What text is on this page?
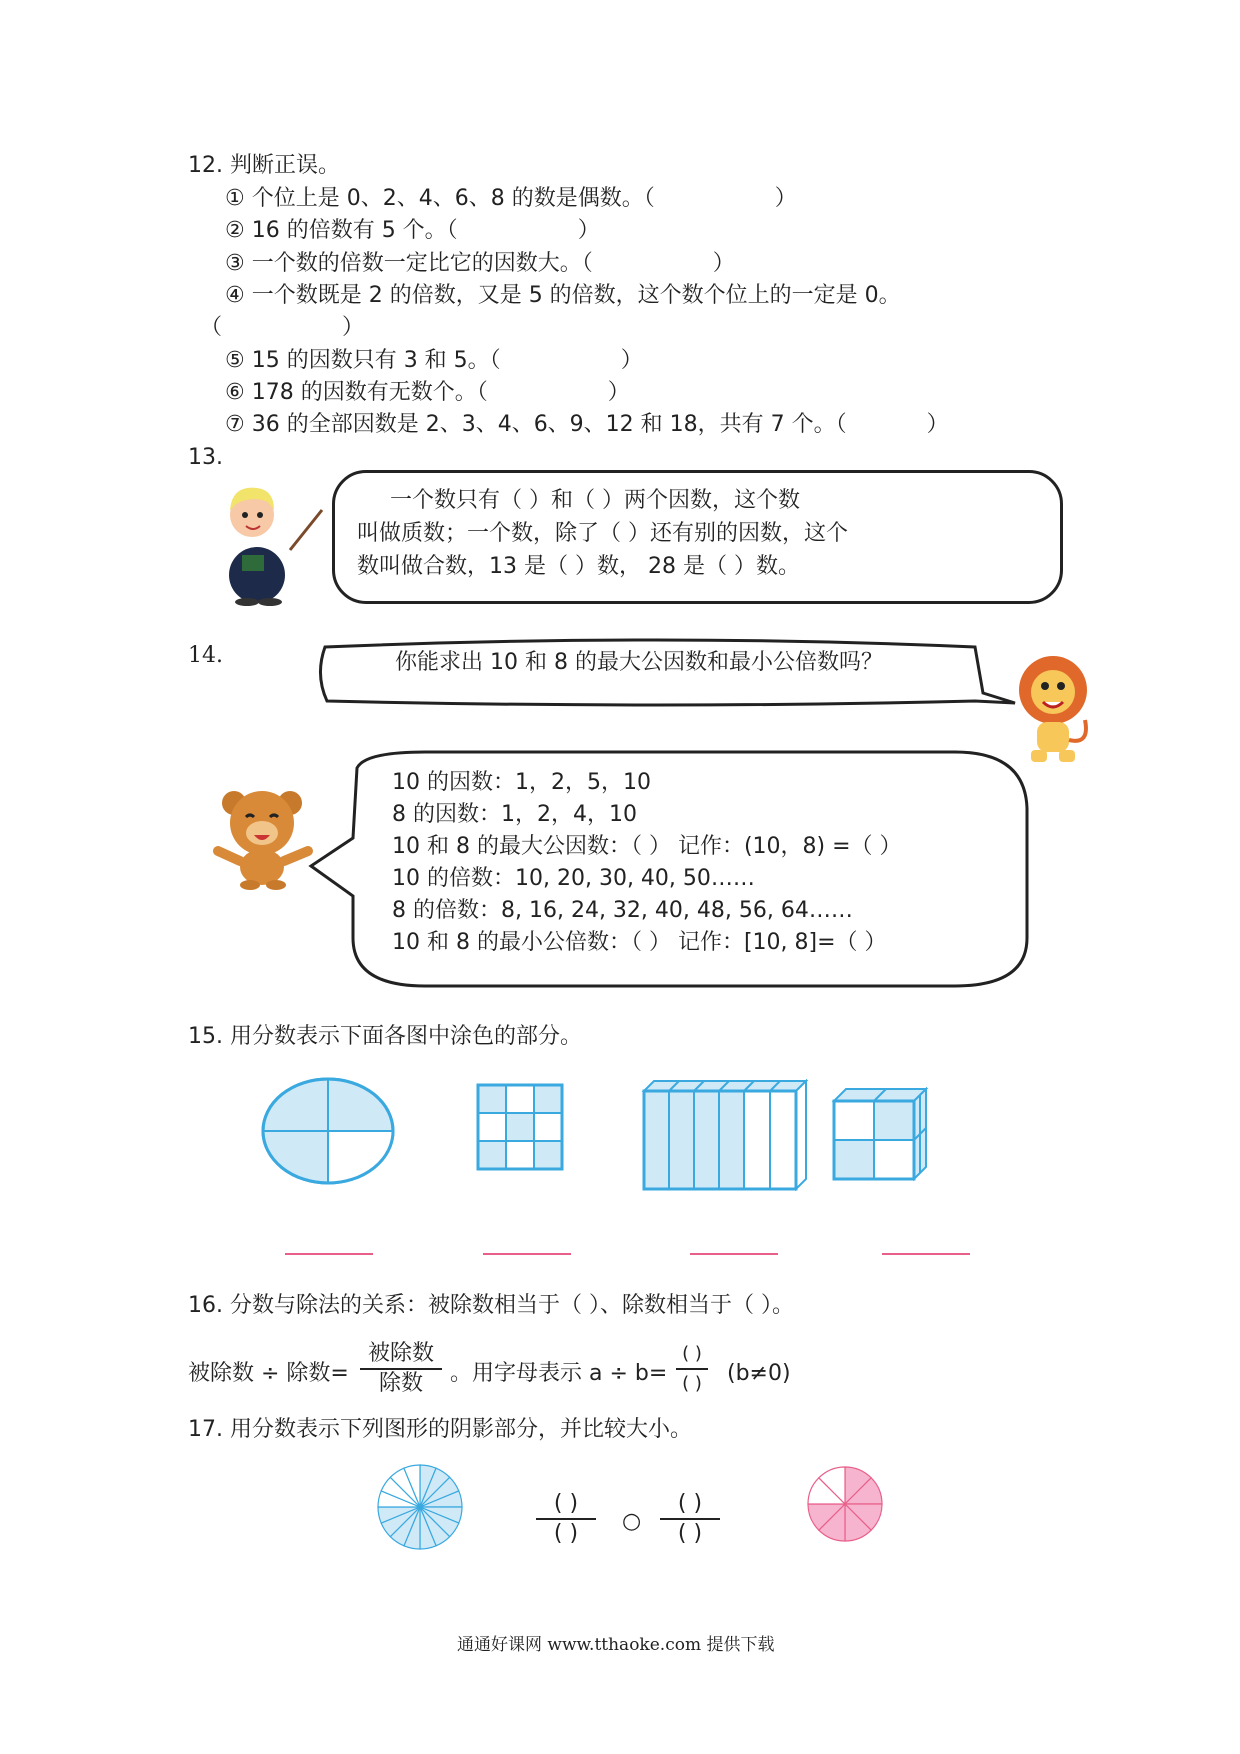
12. 判断正误。
① 个位上是 0、2、4、6、8 的数是偶数。（	）
② 16 的倍数有 5 个。（	）
③ 一个数的倍数一定比它的因数大。（	）
④ 一个数既是 2 的倍数，又是 5 的倍数，这个数个位上的一定是 0。
（	）
⑤ 15 的因数只有 3 和 5。（	）
⑥ 178 的因数有无数个。（	）
⑦ 36 的全部因数是 2、3、4、6、9、12 和 18，共有 7 个。（	）
13.
一个数只有（ ）和（ ）两个因数，这个数
叫做质数；一个数，除了（ ）还有别的因数，这个
数叫做合数，13 是（ ）数， 28 是（ ）数。
14.	你能求出 10 和 8 的最大公因数和最小公倍数吗？
10 的因数：1，2，5，10
8 的因数：1，2，4，10
10 和 8 的最大公因数：（ ） 记作：(10，8) =（ ）
10 的倍数：10, 20, 30, 40, 50……
8 的倍数：8, 16, 24, 32, 40, 48, 56, 64……
10 和 8 的最小公倍数：（ ） 记作：[10, 8]=（ ）
15. 用分数表示下面各图中涂色的部分。
16. 分数与除法的关系：被除数相当于（ ）、除数相当于（ ）。
被除数 ÷ 除数=
被除数
除数	。用字母表示 a ÷ b=
( )
( ) (b≠0)
17. 用分数表示下列图形的阴影部分，并比较大小。
( )
( )	○
( )
( )
通通好课网 www.tthaoke.com 提供下载
